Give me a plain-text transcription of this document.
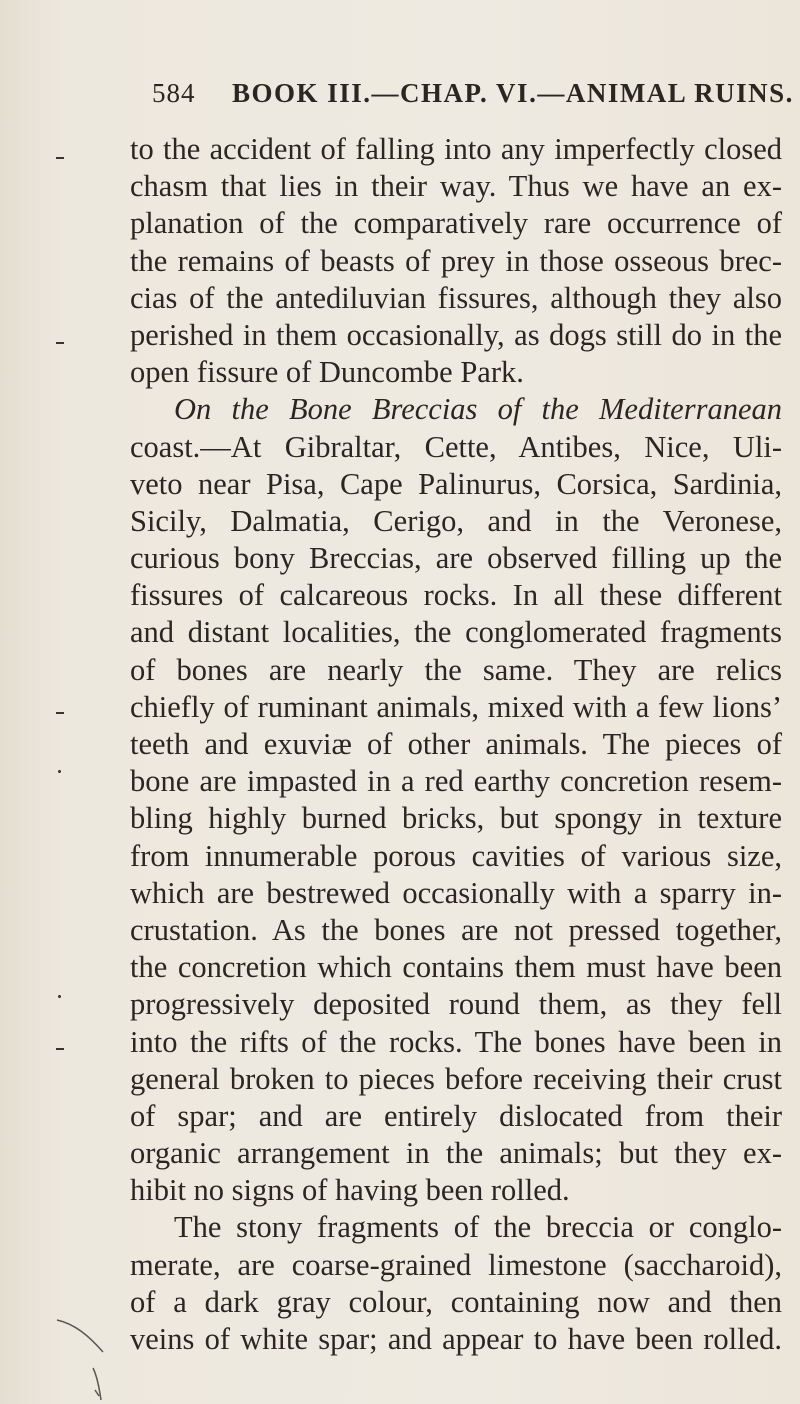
584 BOOK III.—CHAP. VI.—ANIMAL RUINS.
to the accident of falling into any imperfectly closed
chasm that lies in their way. Thus we have an ex-
planation of the comparatively rare occurrence of
the remains of beasts of prey in those osseous brec-
cias of the antediluvian fissures, although they also
perished in them occasionally, as dogs still do in the
open fissure of Duncombe Park.
On the Bone Breccias of the Mediterranean
coast.—At Gibraltar, Cette, Antibes, Nice, Uli-
veto near Pisa, Cape Palinurus, Corsica, Sardinia,
Sicily, Dalmatia, Cerigo, and in the Veronese,
curious bony Breccias, are observed filling up the
fissures of calcareous rocks. In all these different
and distant localities, the conglomerated fragments
of bones are nearly the same. They are relics
chiefly of ruminant animals, mixed with a few lions’
teeth and exuviæ of other animals. The pieces of
bone are impasted in a red earthy concretion resem-
bling highly burned bricks, but spongy in texture
from innumerable porous cavities of various size,
which are bestrewed occasionally with a sparry in-
crustation. As the bones are not pressed together,
the concretion which contains them must have been
progressively deposited round them, as they fell
into the rifts of the rocks. The bones have been in
general broken to pieces before receiving their crust
of spar; and are entirely dislocated from their
organic arrangement in the animals; but they ex-
hibit no signs of having been rolled.
The stony fragments of the breccia or conglo-
merate, are coarse-grained limestone (saccharoid),
of a dark gray colour, containing now and then
veins of white spar; and appear to have been rolled.
